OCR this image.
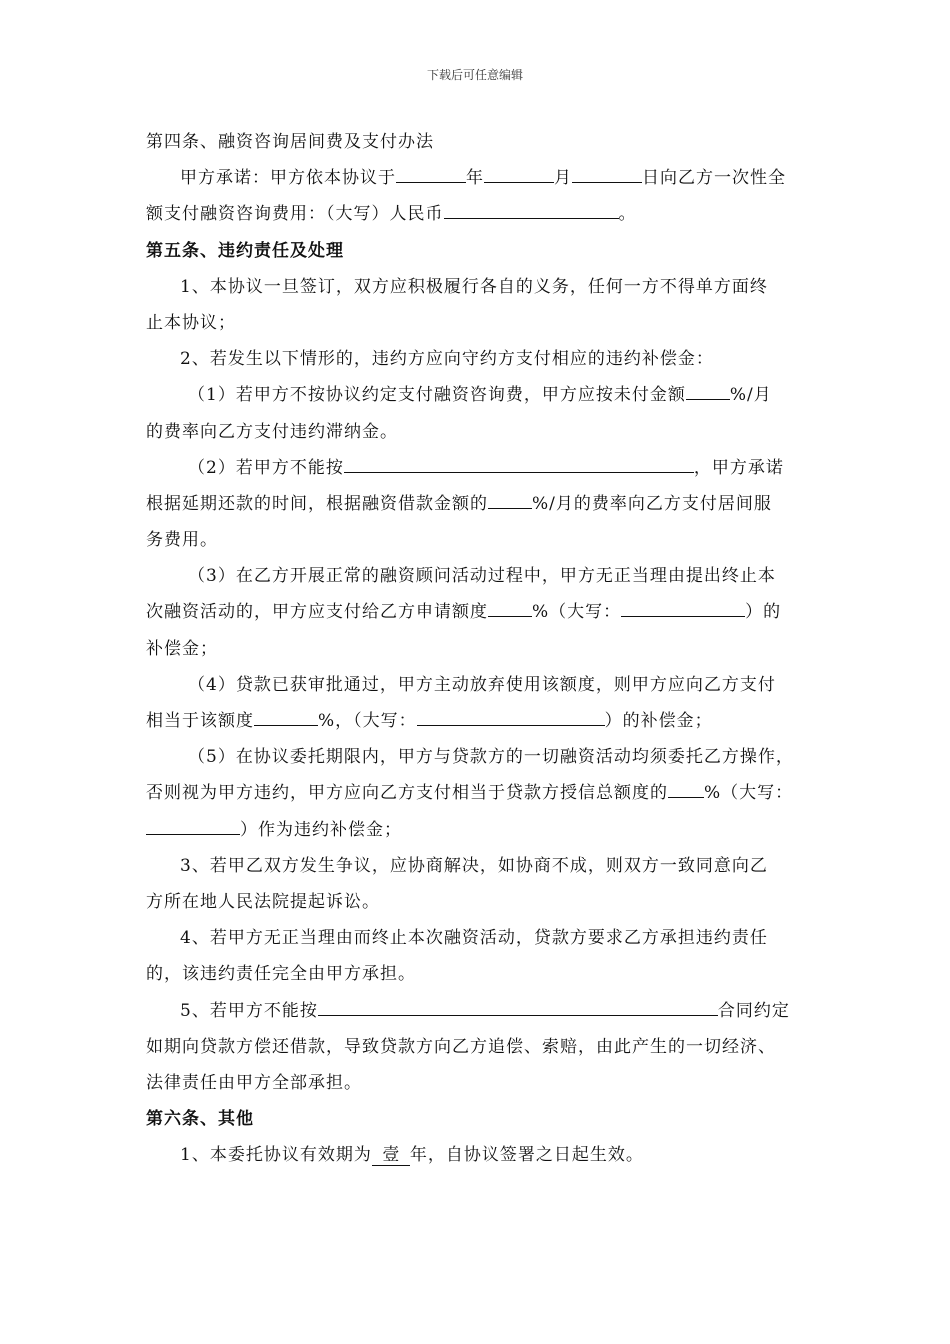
下载后可任意编辑
第四条、融资咨询居间费及支付办法
甲方承诺：甲方依本协议于	年	月	日向乙方一次性全
额支付融资咨询费用：（大写）人民币	。
第五条、违约责任及处理
1、本协议一旦签订，双方应积极履行各自的义务，任何一方不得单方面终
止本协议；
2、若发生以下情形的，违约方应向守约方支付相应的违约补偿金：
（1）若甲方不按协议约定支付融资咨询费，甲方应按未付金额	%/月
的费率向乙方支付违约滞纳金。
（2）若甲方不能按	，甲方承诺
根据延期还款的时间，根据融资借款金额的	%/月的费率向乙方支付居间服
务费用。
（3）在乙方开展正常的融资顾问活动过程中，甲方无正当理由提出终止本
次融资活动的，甲方应支付给乙方申请额度	%（大写：	）的
补偿金；
（4）贷款已获审批通过，甲方主动放弃使用该额度，则甲方应向乙方支付
相当于该额度	%，（大写：	）的补偿金；
（5）在协议委托期限内，甲方与贷款方的一切融资活动均须委托乙方操作，
否则视为甲方违约，甲方应向乙方支付相当于贷款方授信总额度的 %（大写：
）作为违约补偿金；
3、若甲乙双方发生争议，应协商解决，如协商不成，则双方一致同意向乙
方所在地人民法院提起诉讼。
4、若甲方无正当理由而终止本次融资活动，贷款方要求乙方承担违约责任
的，该违约责任完全由甲方承担。
5、若甲方不能按	合同约定
如期向贷款方偿还借款，导致贷款方向乙方追偿、索赔，由此产生的一切经济、
法律责任由甲方全部承担。
第六条、其他
1、本委托协议有效期为 壹 年，自协议签署之日起生效。
